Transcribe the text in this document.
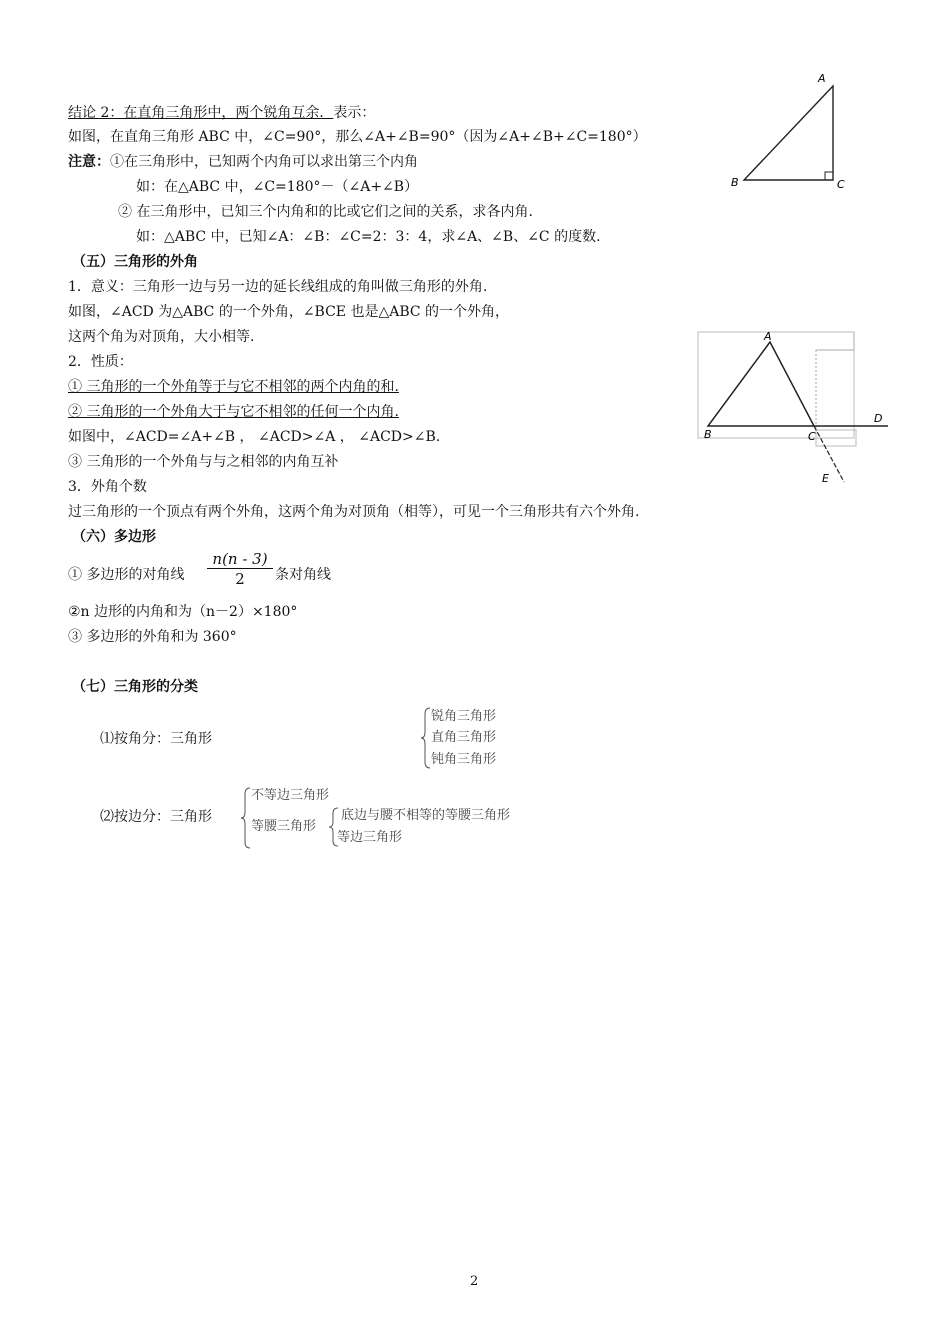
结论 2：在直角三角形中，两个锐角互余．表示：
如图，在直角三角形 ABC 中，∠C=90°，那么∠A+∠B=90°（因为∠A+∠B+∠C=180°）
注意：①在三角形中，已知两个内角可以求出第三个内角
如：在△ABC 中，∠C=180°－（∠A+∠B）
② 在三角形中，已知三个内角和的比或它们之间的关系，求各内角.
如：△ABC 中，已知∠A：∠B：∠C=2：3：4，求∠A、∠B、∠C 的度数.
A
B	C
（五）三角形的外角
1．意义：三角形一边与另一边的延长线组成的角叫做三角形的外角.
如图，∠ACD 为△ABC 的一个外角，∠BCE 也是△ABC 的一个外角，
这两个角为对顶角，大小相等.
2．性质：
① 三角形的一个外角等于与它不相邻的两个内角的和.
② 三角形的一个外角大于与它不相邻的任何一个内角.
如图中，∠ACD=∠A+∠B ， ∠ACD>∠A ， ∠ACD>∠B.
③ 三角形的一个外角与与之相邻的内角互补
3．外角个数
过三角形的一个顶点有两个外角，这两个角为对顶角（相等），可见一个三角形共有六个外角.
A
B	C
D
E
（六）多边形
① 多边形的对角线 $\frac{n(n - 3)}{2}$ 条对角线
②n 边形的内角和为（n－2）×180°
③ 多边形的外角和为 360°
（七）三角形的分类
⑴按角分：三角形
锐角三角形
直角三角形
钝角三角形
⑵按边分：三角形
不等边三角形
等腰三角形
底边与腰不相等的等腰三角形
等边三角形
2
